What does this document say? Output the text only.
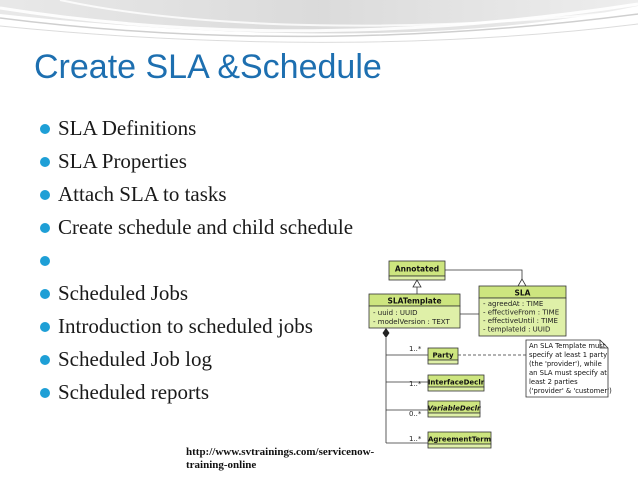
Create SLA &Schedule
SLA Definitions
SLA Properties
Attach SLA to tasks
Create schedule and child schedule
Scheduled Jobs
Introduction to scheduled jobs
Scheduled Job log
Scheduled reports
Annotated
SLATemplate
- uuid : UUID
- modelVersion : TEXT
SLA
- agreedAt : TIME
- effectiveFrom : TIME
- effectiveUntil : TIME
- templateId : UUID
1..*
1..*
0..*
1..*
Party
InterfaceDeclr
VariableDeclr
AgreementTerm
An SLA Template must
specify at least 1 party
(the 'provider'), while
an SLA must specify at
least 2 parties
('provider' & 'customer')
http://www.svtrainings.com/servicenow-
training-online
